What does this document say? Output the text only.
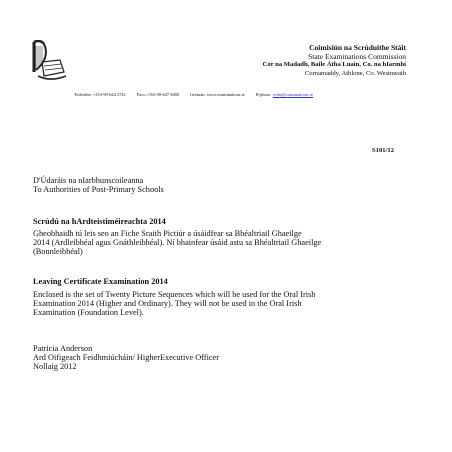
Coimisiún na Scrúduithe Stáit
State Examinations Commission
Cor na Madadh, Baile Átha Luain, Co. na hIarmhí
Cornamaddy, Athlone, Co. Westmeath
Teileafón: +353-90-644 2741	Facs:+353-90-647 3080	Gréasán: www.examinations.ie	R-phost: ecdu@examinations.ie
S101/12
D'Údaráis na nIarbhunscoileanna
To Authorities of Post-Primary Schools
Scrúdú na hArdteistiméireachta 2014
Gheobhaidh tú leis seo an Fiche Sraith Pictiúr a úsáidfear sa Bhéaltriail Ghaeilge
2014 (Ardleibhéal agus Gnáthleibhéal). Ní bhainfear úsáid astu sa Bhéaltriail Ghaeilge
(Bonnleibhéal)
Leaving Certificate Examination 2014
Enclosed is the set of Twenty Picture Sequences which will be used for the Oral Irish
Examination 2014 (Higher and Ordinary). They will not be used in the Oral Irish
Examination (Foundation Level).
Patricia Anderson
Ard Oifigeach Feidhmiúcháin/ HigherExecutive Officer
Nollaig 2012
